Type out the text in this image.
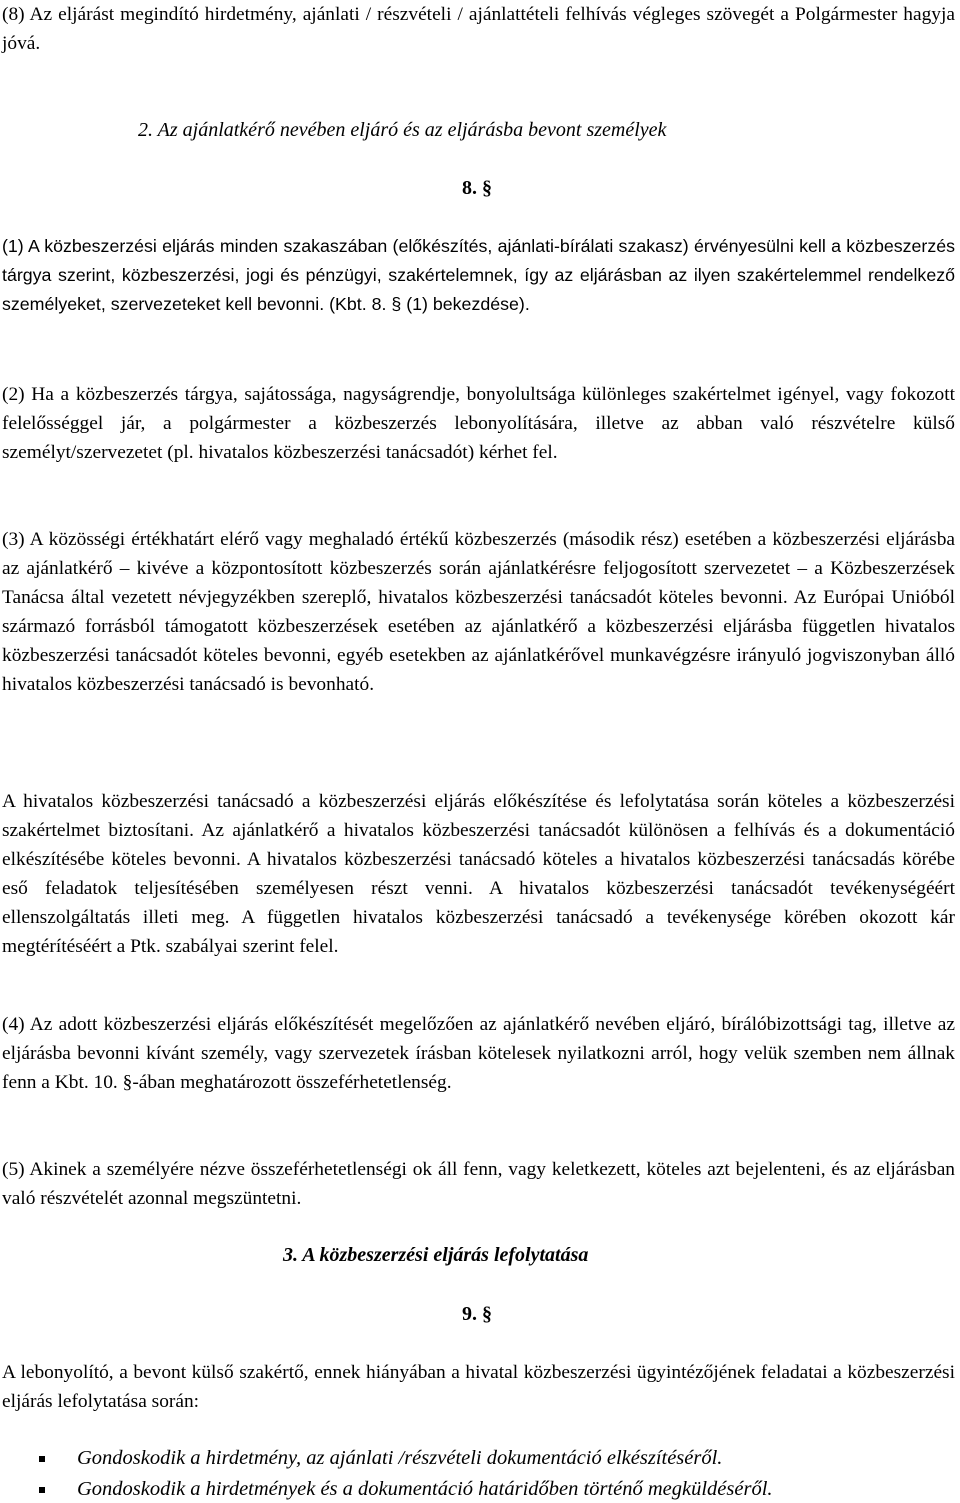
(8) Az eljárást megindító hirdetmény, ajánlati / részvételi / ajánlattételi felhívás végleges szövegét a Polgármester hagyja jóvá.

2. Az ajánlatkérő nevében eljáró és az eljárásba bevont személyek

8. §

(1) A közbeszerzési eljárás minden szakaszában (előkészítés, ajánlati-bírálati szakasz) érvényesülni kell a közbeszerzés tárgya szerint, közbeszerzési, jogi és pénzügyi, szakértelemnek, így az eljárásban az ilyen szakértelemmel rendelkező személyeket, szervezeteket kell bevonni. (Kbt. 8. § (1) bekezdése).

(2) Ha a közbeszerzés tárgya, sajátossága, nagyságrendje, bonyolultsága különleges szakértelmet igényel, vagy fokozott felelősséggel jár, a polgármester a közbeszerzés lebonyolítására, illetve az abban való részvételre külső személyt/szervezetet (pl. hivatalos közbeszerzési tanácsadót) kérhet fel.

(3) A közösségi értékhatárt elérő vagy meghaladó értékű közbeszerzés (második rész) esetében a közbeszerzési eljárásba az ajánlatkérő – kivéve a központosított közbeszerzés során ajánlatkérésre feljogosított szervezetet – a Közbeszerzések Tanácsa által vezetett névjegyzékben szereplő, hivatalos közbeszerzési tanácsadót köteles bevonni. Az Európai Unióból származó forrásból támogatott közbeszerzések esetében az ajánlatkérő a közbeszerzési eljárásba független hivatalos közbeszerzési tanácsadót köteles bevonni, egyéb esetekben az ajánlatkérővel munkavégzésre irányuló jogviszonyban álló hivatalos közbeszerzési tanácsadó is bevonható.

A hivatalos közbeszerzési tanácsadó a közbeszerzési eljárás előkészítése és lefolytatása során köteles a közbeszerzési szakértelmet biztosítani. Az ajánlatkérő a hivatalos közbeszerzési tanácsadót különösen a felhívás és a dokumentáció elkészítésébe köteles bevonni. A hivatalos közbeszerzési tanácsadó köteles a hivatalos közbeszerzési tanácsadás körébe eső feladatok teljesítésében személyesen részt venni. A hivatalos közbeszerzési tanácsadót tevékenységéért ellenszolgáltatás illeti meg. A független hivatalos közbeszerzési tanácsadó a tevékenysége körében okozott kár megtérítéséért a Ptk. szabályai szerint felel.

(4) Az adott közbeszerzési eljárás előkészítését megelőzően az ajánlatkérő nevében eljáró, bírálóbizottsági tag, illetve az eljárásba bevonni kívánt személy, vagy szervezetek írásban kötelesek nyilatkozni arról, hogy velük szemben nem állnak fenn a Kbt. 10. §-ában meghatározott összeférhetetlenség.

(5) Akinek a személyére nézve összeférhetetlenségi ok áll fenn, vagy keletkezett, köteles azt bejelenteni, és az eljárásban való részvételét azonnal megszüntetni.

3. A közbeszerzési eljárás lefolytatása

9. §

A lebonyolító, a bevont külső szakértő, ennek hiányában a hivatal közbeszerzési ügyintézőjének feladatai a közbeszerzési eljárás lefolytatása során:

Gondoskodik a hirdetmény, az ajánlati /részvételi dokumentáció elkészítéséről.
Gondoskodik a hirdetmények és a dokumentáció határidőben történő megküldéséről.
